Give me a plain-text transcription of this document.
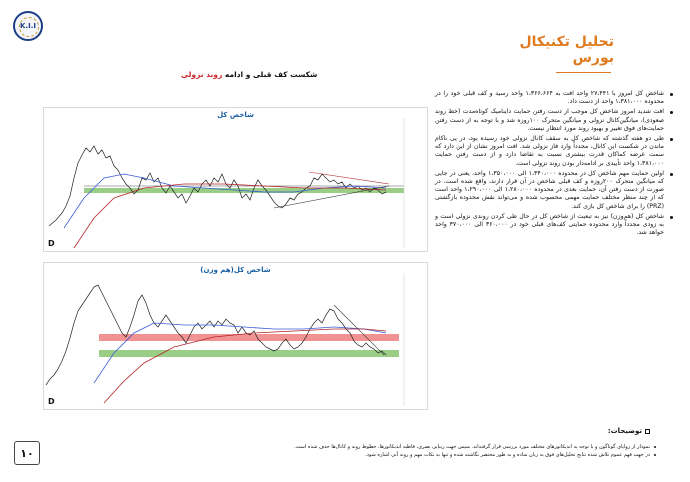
K.I.I
تحلیل تکنیکال
بورس
شکست کف قبلی و ادامه روند نزولی
شاخص کل
D
شاخص کل(هم وزن)
D
شاخص کل امروز با ۲۷،۴۴۱ واحد افت به ۱،۳۶۶،۶۶۴ واحد رسید و کف قبلی خود را در محدوده ۱،۳۸۱،۰۰۰ واحد از دست داد.
افت شدید امروز شاخص کل موجب از دست رفتن حمایت داینامیک کوتاه‌مدت (خط روند صعودی)، میانگین‌کانال نزولی و میانگین متحرک ۱۰۰روزه شد و با توجه به از دست رفتن حمایت‌های فوق تغییر و بهبود روند مورد انتظار نیست.
طی دو هفته گذشته که شاخص کل به سقف کانال نزولی خود رسیده بود، در پی ناکام ماندن در شکست این کانال، مجدداً وارد فاز نزولی شد. افت امروز نشان از این دارد که سمت عرضه کماکان قدرت بیشتری نسبت به تقاضا دارد و از دست رفتن حمایت ۱،۳۸۱،۰۰۰ واحد تأییدی بر ادامه‌دار بودن روند نزولی است.
اولین حمایت مهم شاخص کل در محدوده ۱،۳۴۰،۰۰۰ الی ۱،۳۵۰،۰۰۰ واحد، یعنی در جایی که میانگین متحرک ۲۰۰روزه و کف قبلی شاخص در آن قرار دارند، واقع شده است. در صورت از دست رفتن آن، حمایت بعدی در محدوده ۱،۲۸۰،۰۰۰ الی ۱،۲۹۰،۰۰۰ واحد است که از چند منظر مختلف حمایت مهمی محسوب شده و می‌تواند نقش محدوده بازگشتی (PRZ) را برای شاخص کل بازی کند.
شاخص کل (هم‌وزن) نیز به تبعیت از شاخص کل در حال طی کردن روندی نزولی است و به زودی مجدداً وارد محدوده حمایتی کف‌های قبلی خود در ۳۶۰،۰۰۰ الی ۳۷۰،۰۰۰ واحد خواهد شد.
توضیحات:
نمودار از زوایای گوناگون و با توجه به اندیکاتورهای مختلف مورد بررسی قرار گرفته‌اند. سپس جهت زیبایی بصری، قاطبه اندیکاتورها، خطوط روند و کانال‌ها حذف شده است.
در جهت فهم عموم تلاش شده نتایج تحلیل‌های فوق به زبان ساده و به طور مختصر نگاشته شده و تنها به نکات مهم و روند آتی اشاره شود.
۱۰
